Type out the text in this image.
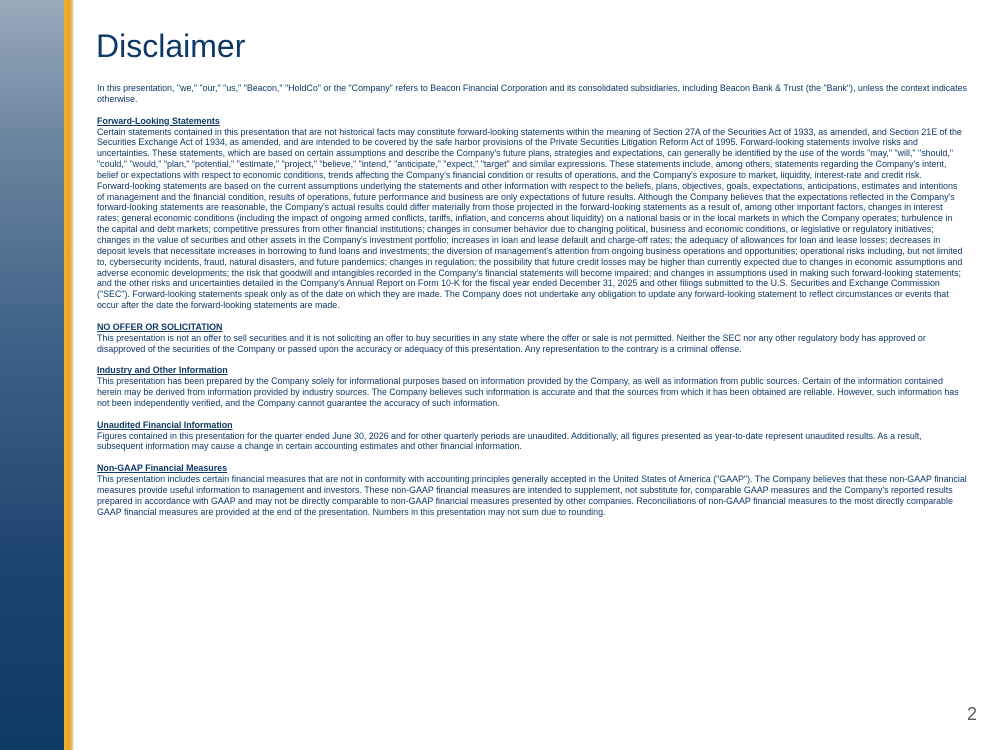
Disclaimer

In this presentation, "we," "our," "us," "Beacon," "HoldCo" or the "Company" refers to Beacon Financial Corporation and its consolidated subsidiaries, including Beacon Bank & Trust (the "Bank"), unless the context indicates otherwise.

Forward-Looking Statements

Certain statements contained in this presentation that are not historical facts may constitute forward-looking statements within the meaning of Section 27A of the Securities Act of 1933, as amended, and Section 21E of the Securities Exchange Act of 1934, as amended, and are intended to be covered by the safe harbor provisions of the Private Securities Litigation Reform Act of 1995. Forward-looking statements involve risks and uncertainties. These statements, which are based on certain assumptions and describe the Company's future plans, strategies and expectations, can generally be identified by the use of the words "may," "will," "should," "could," "would," "plan," "potential," "estimate," "project," "believe," "intend," "anticipate," "expect," "target" and similar expressions. These statements include, among others, statements regarding the Company's intent, belief or expectations with respect to economic conditions, trends affecting the Company's financial condition or results of operations, and the Company's exposure to market, liquidity, interest-rate and credit risk.

Forward-looking statements are based on the current assumptions underlying the statements and other information with respect to the beliefs, plans, objectives, goals, expectations, anticipations, estimates and intentions of management and the financial condition, results of operations, future performance and business are only expectations of future results. Although the Company believes that the expectations reflected in the Company's forward-looking statements are reasonable, the Company's actual results could differ materially from those projected in the forward-looking statements as a result of, among other important factors, changes in interest rates; general economic conditions (including the impact of ongoing armed conflicts, tariffs, inflation, and concerns about liquidity) on a national basis or in the local markets in which the Company operates; turbulence in the capital and debt markets; competitive pressures from other financial institutions; changes in consumer behavior due to changing political, business and economic conditions, or legislative or regulatory initiatives; changes in the value of securities and other assets in the Company's investment portfolio; increases in loan and lease default and charge-off rates; the adequacy of allowances for loan and lease losses; decreases in deposit levels that necessitate increases in borrowing to fund loans and investments; the diversion of management's attention from ongoing business operations and opportunities; operational risks including, but not limited to, cybersecurity incidents, fraud, natural disasters, and future pandemics; changes in regulation; the possibility that future credit losses may be higher than currently expected due to changes in economic assumptions and adverse economic developments; the risk that goodwill and intangibles recorded in the Company's financial statements will become impaired; and changes in assumptions used in making such forward-looking statements; and the other risks and uncertainties detailed in the Company's Annual Report on Form 10-K for the fiscal year ended December 31, 2025 and other filings submitted to the U.S. Securities and Exchange Commission ("SEC"). Forward-looking statements speak only as of the date on which they are made. The Company does not undertake any obligation to update any forward-looking statement to reflect circumstances or events that occur after the date the forward-looking statements are made.

NO OFFER OR SOLICITATION

This presentation is not an offer to sell securities and it is not soliciting an offer to buy securities in any state where the offer or sale is not permitted. Neither the SEC nor any other regulatory body has approved or disapproved of the securities of the Company or passed upon the accuracy or adequacy of this presentation. Any representation to the contrary is a criminal offense.

Industry and Other Information

This presentation has been prepared by the Company solely for informational purposes based on information provided by the Company, as well as information from public sources. Certain of the information contained herein may be derived from information provided by industry sources. The Company believes such information is accurate and that the sources from which it has been obtained are reliable. However, such information has not been independently verified, and the Company cannot guarantee the accuracy of such information.

Unaudited Financial Information

Figures contained in this presentation for the quarter ended June 30, 2026 and for other quarterly periods are unaudited. Additionally, all figures presented as year-to-date represent unaudited results. As a result, subsequent information may cause a change in certain accounting estimates and other financial information.

Non-GAAP Financial Measures

This presentation includes certain financial measures that are not in conformity with accounting principles generally accepted in the United States of America ("GAAP"). The Company believes that these non-GAAP financial measures provide useful information to management and investors. These non-GAAP financial measures are intended to supplement, not substitute for, comparable GAAP measures and the Company's reported results prepared in accordance with GAAP and may not be directly comparable to non-GAAP financial measures presented by other companies. Reconciliations of non-GAAP financial measures to the most directly comparable GAAP financial measures are provided at the end of the presentation. Numbers in this presentation may not sum due to rounding.

2
